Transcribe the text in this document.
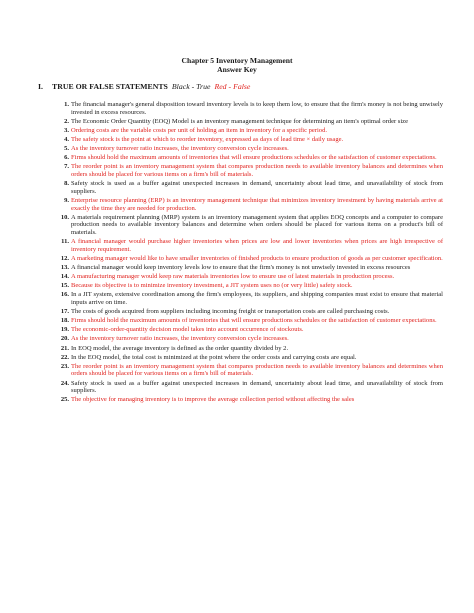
Chapter 5 Inventory Management
Answer Key
I. TRUE OR FALSE STATEMENTS Black - True Red - False
1. The financial manager's general disposition toward inventory levels is to keep them low, to ensure that the firm's money is not being unwisely invested in excess resources.
2. The Economic Order Quantity (EOQ) Model is an inventory management technique for determining an item's optimal order size
3. Ordering costs are the variable costs per unit of holding an item in inventory for a specific period.
4. The safety stock is the point at which to reorder inventory, expressed as days of lead time × daily usage.
5. As the inventory turnover ratio increases, the inventory conversion cycle increases.
6. Firms should hold the maximum amounts of inventories that will ensure productions schedules or the satisfaction of customer expectations.
7. The reorder point is an inventory management system that compares production needs to available inventory balances and determines when orders should be placed for various items on a firm's bill of materials.
8. Safety stock is used as a buffer against unexpected increases in demand, uncertainty about lead time, and unavailability of stock from suppliers.
9. Enterprise resource planning (ERP) is an inventory management technique that minimizes inventory investment by having materials arrive at exactly the time they are needed for production.
10. A materials requirement planning (MRP) system is an inventory management system that applies EOQ concepts and a computer to compare production needs to available inventory balances and determine when orders should be placed for various items on a product's bill of materials.
11. A financial manager would purchase higher inventories when prices are low and lower inventories when prices are high irrespective of inventory requirement.
12. A marketing manager would like to have smaller inventories of finished products to ensure production of goods as per customer specification.
13. A financial manager would keep inventory levels low to ensure that the firm's money is not unwisely invested in excess resources
14. A manufacturing manager would keep raw materials inventories low to ensure use of latest materials in production process.
15. Because its objective is to minimize inventory investment, a JIT system uses no (or very little) safety stock.
16. In a JIT system, extensive coordination among the firm's employees, its suppliers, and shipping companies must exist to ensure that material inputs arrive on time.
17. The costs of goods acquired from suppliers including incoming freight or transportation costs are called purchasing costs.
18. Firms should hold the maximum amounts of inventories that will ensure productions schedules or the satisfaction of customer expectations.
19. The economic-order-quantity decision model takes into account occurrence of stockouts.
20. As the inventory turnover ratio increases, the inventory conversion cycle increases.
21. In EOQ model, the average inventory is defined as the order quantity divided by 2.
22. In the EOQ model, the total cost is minimized at the point where the order costs and carrying costs are equal.
23. The reorder point is an inventory management system that compares production needs to available inventory balances and determines when orders should be placed for various items on a firm's bill of materials.
24. Safety stock is used as a buffer against unexpected increases in demand, uncertainty about lead time, and unavailability of stock from suppliers.
25. The objective for managing inventory is to improve the average collection period without affecting the sales
